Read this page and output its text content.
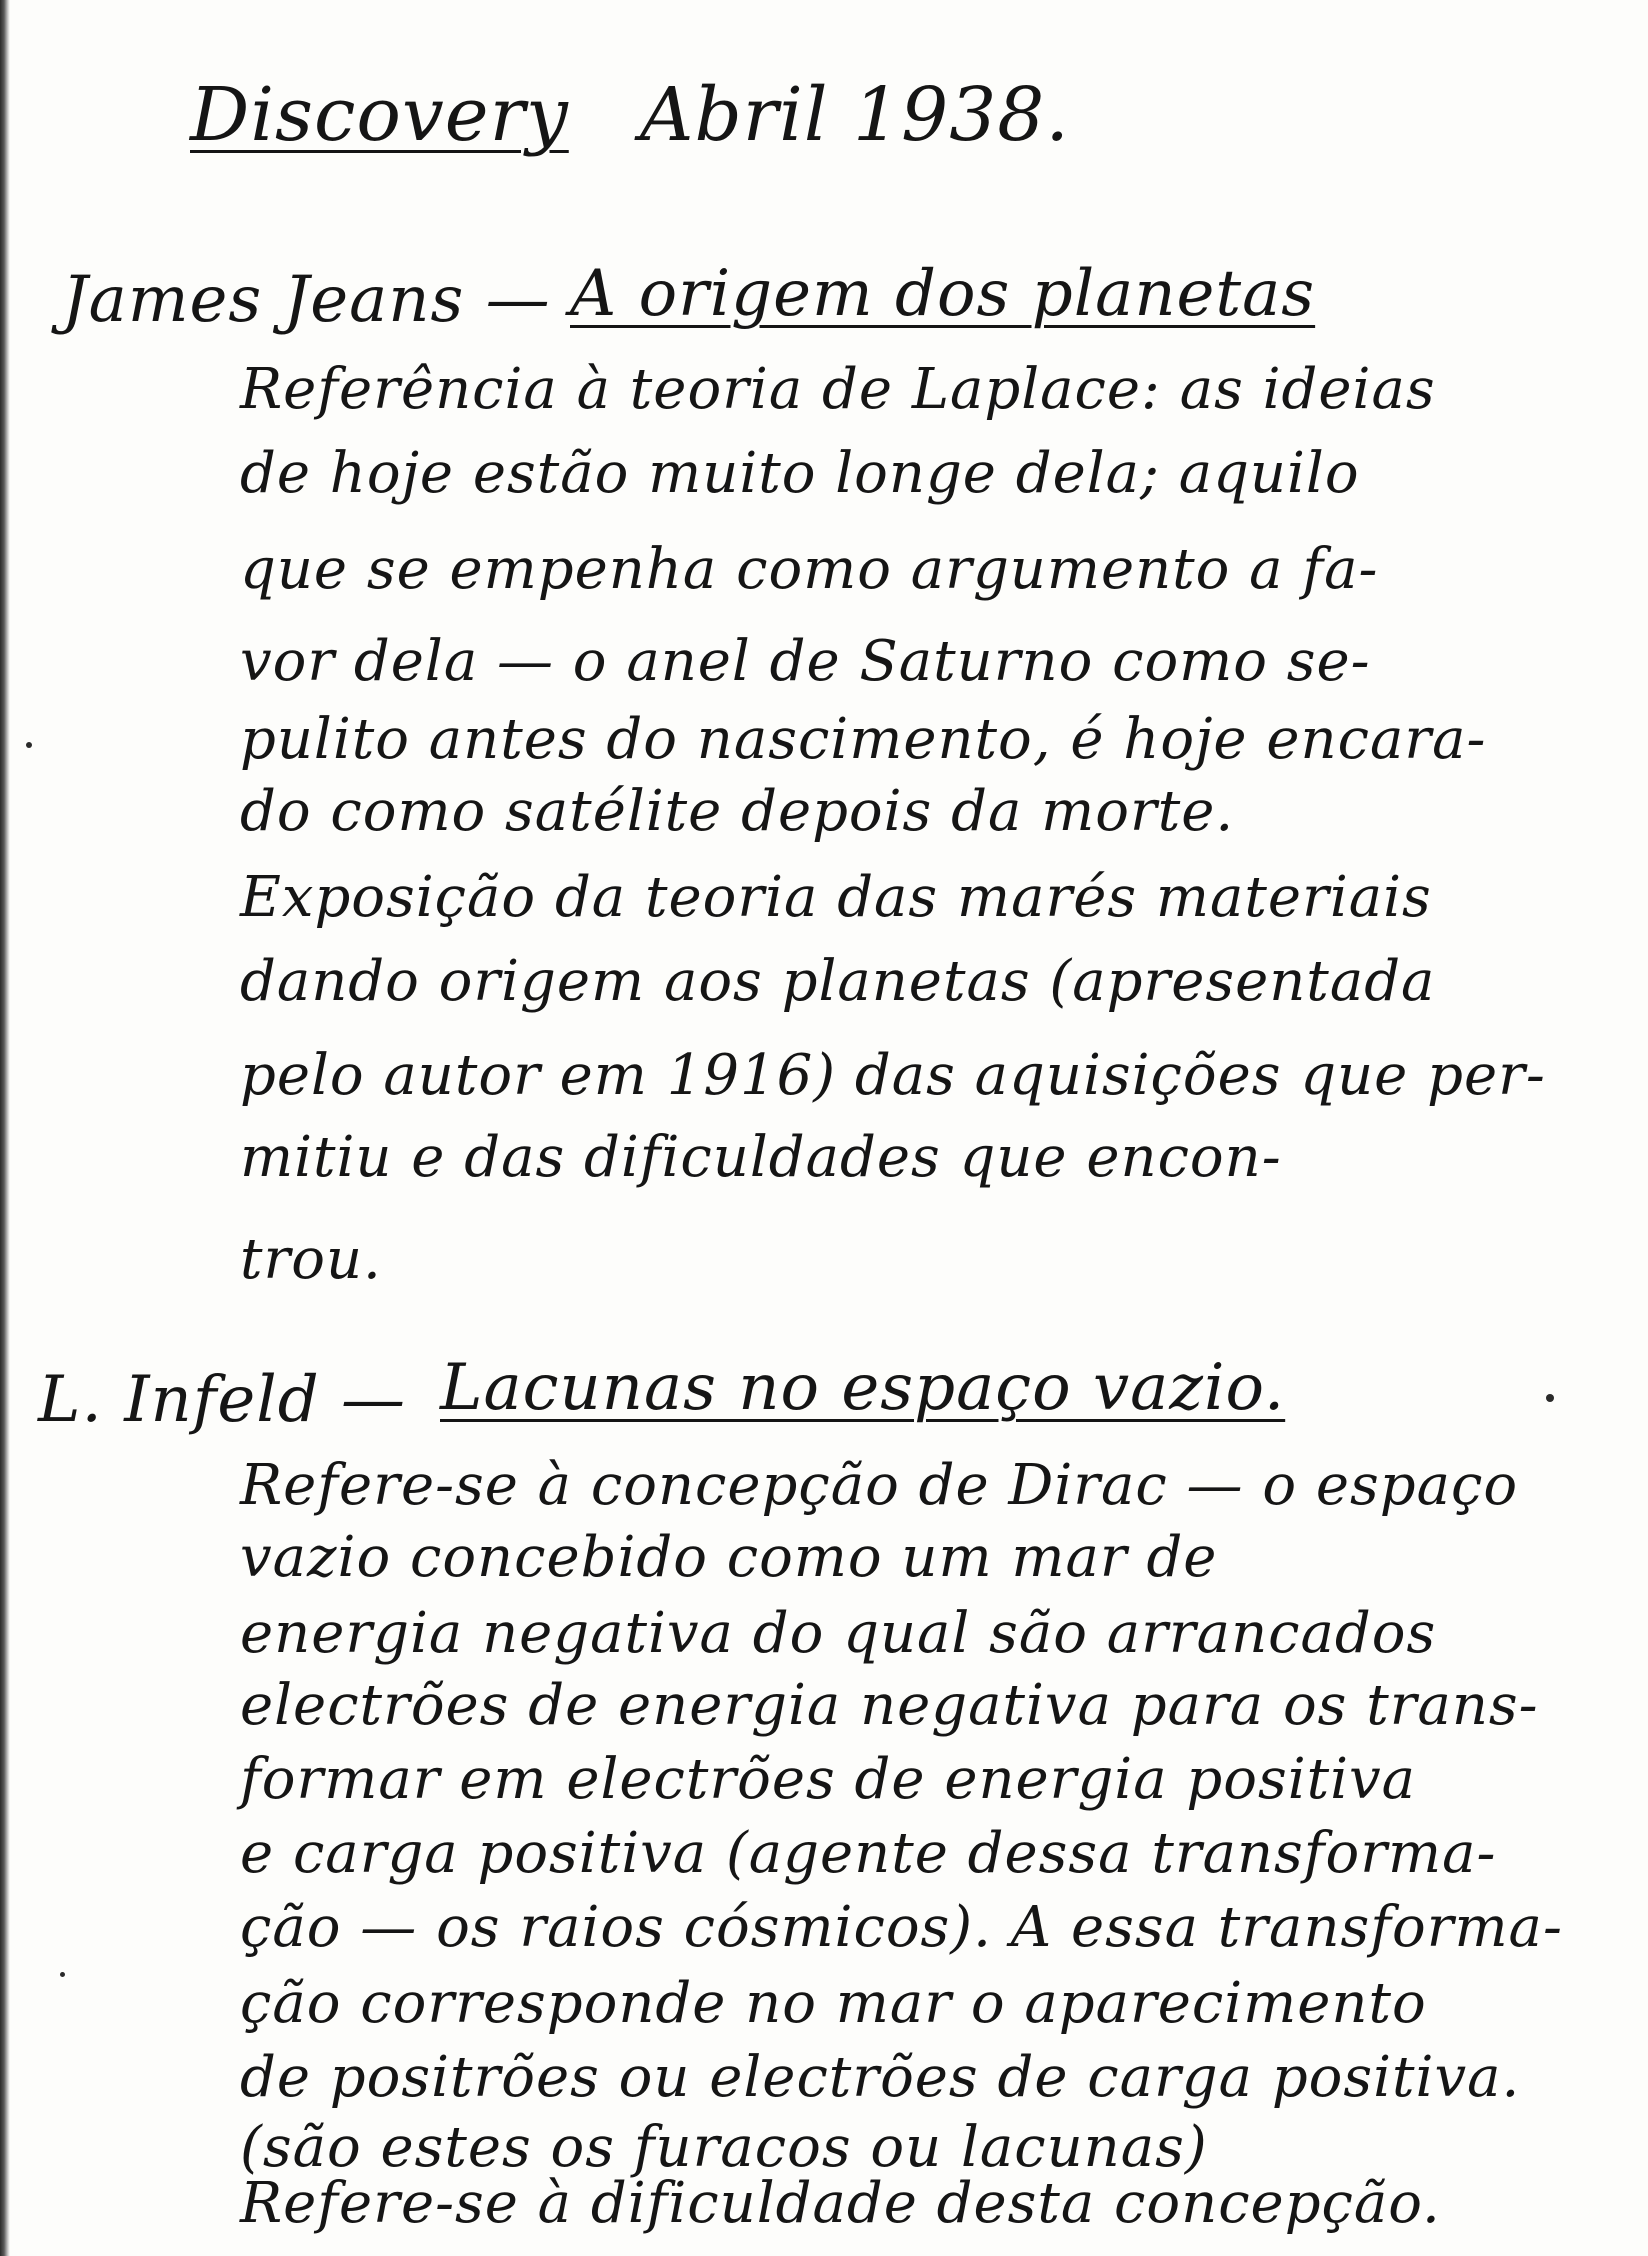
Discovery Abril 1938.
James Jeans — A origem dos planetas
Referência à teoria de Laplace: as ideias
de hoje estão muito longe dela; aquilo
que se empenha como argumento a fa-
vor dela — o anel de Saturno como se-
pulito antes do nascimento, é hoje encara-
do como satélite depois da morte.
Exposição da teoria das marés materiais
dando origem aos planetas (apresentada
pelo autor em 1916) das aquisições que per-
mitiu e das dificuldades que encon-
trou.
L. Infeld — Lacunas no espaço vazio.
Refere-se à concepção de Dirac — o espaço
vazio concebido como um mar de
energia negativa do qual são arrancados
electrões de energia negativa para os trans-
formar em electrões de energia positiva
e carga positiva (agente dessa transforma-
ção — os raios cósmicos). A essa transforma-
ção corresponde no mar o aparecimento
de positrões ou electrões de carga positiva.
(são estes os furacos ou lacunas)
Refere-se à dificuldade desta concepção.
